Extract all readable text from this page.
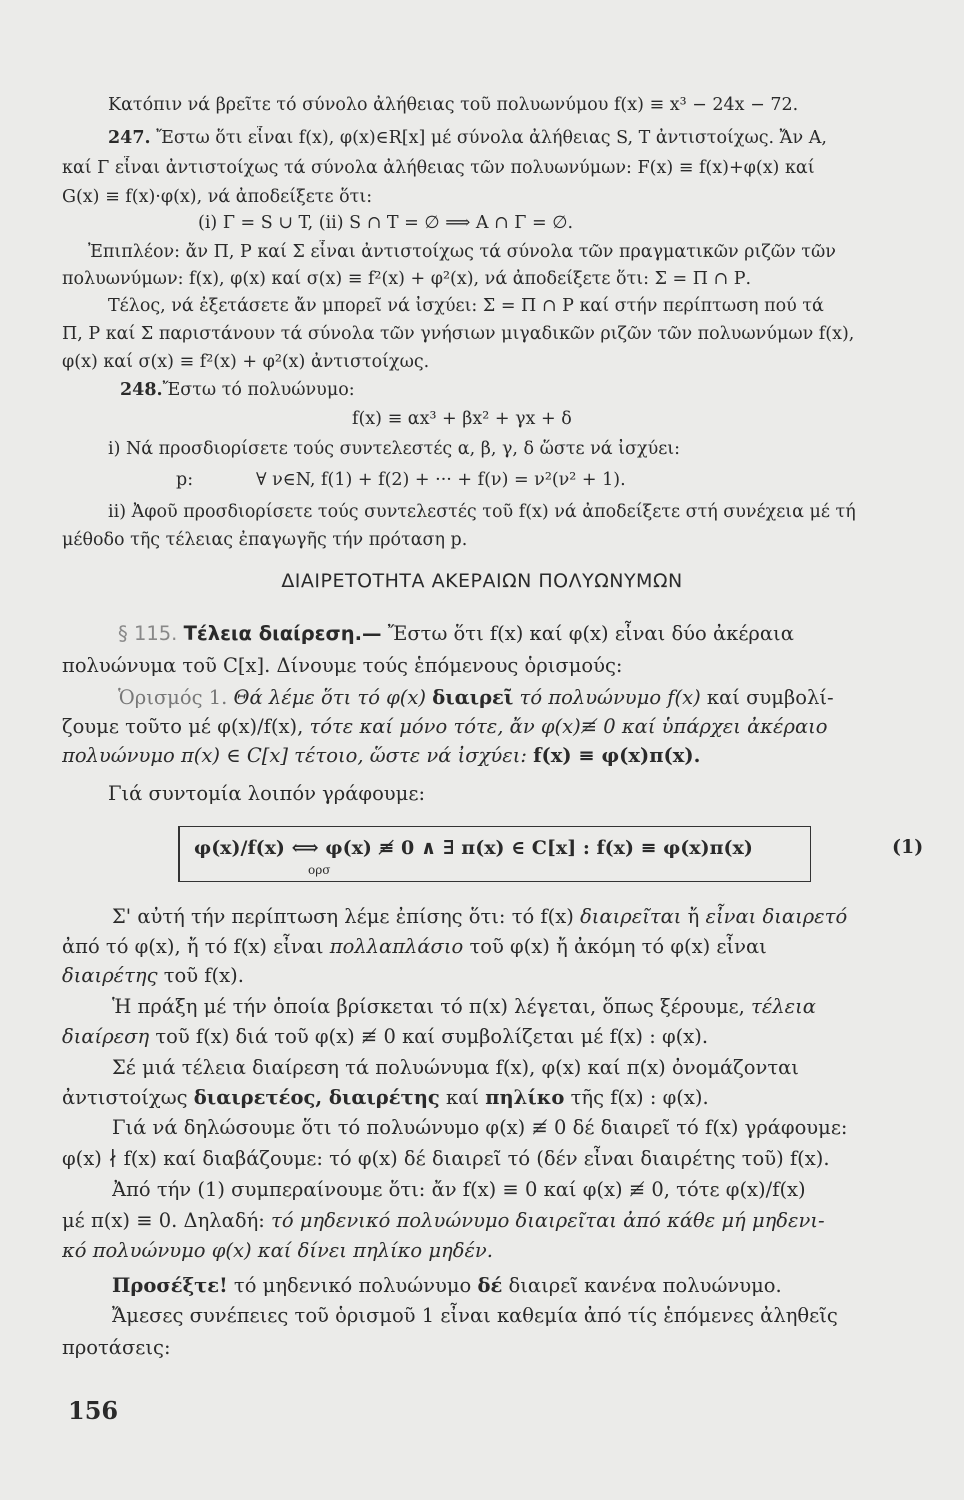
Κατόπιν νά βρεῖτε τό σύνολο ἀλήθειας τοῦ πολυωνύμου f(x) ≡ x³ − 24x − 72.
247. Ἔστω ὅτι εἶναι f(x), φ(x)∈R[x] μέ σύνολα ἀλήθειας S, T ἀντιστοίχως. Ἄν A,
καί Γ εἶναι ἀντιστοίχως τά σύνολα ἀλήθειας τῶν πολυωνύμων: F(x) ≡ f(x)+φ(x) καί
G(x) ≡ f(x)·φ(x), νά ἀποδείξετε ὅτι:
(i) Γ = S ∪ T, (ii) S ∩ T = ∅ ⟹ A ∩ Γ = ∅.
Ἐπιπλέον: ἄν Π, Ρ καί Σ εἶναι ἀντιστοίχως τά σύνολα τῶν πραγματικῶν ριζῶν τῶν
πολυωνύμων: f(x), φ(x) καί σ(x) ≡ f²(x) + φ²(x), νά ἀποδείξετε ὅτι: Σ = Π ∩ Ρ.
Τέλος, νά ἐξετάσετε ἄν μπορεῖ νά ἰσχύει: Σ = Π ∩ Ρ καί στήν περίπτωση πού τά
Π, Ρ καί Σ παριστάνουν τά σύνολα τῶν γνήσιων μιγαδικῶν ριζῶν τῶν πολυωνύμων f(x),
φ(x) καί σ(x) ≡ f²(x) + φ²(x) ἀντιστοίχως.
248.Ἔστω τό πολυώνυμο:
f(x) ≡ αx³ + βx² + γx + δ
i) Νά προσδιορίσετε τούς συντελεστές α, β, γ, δ ὥστε νά ἰσχύει:
p:	∀ ν∈N, f(1) + f(2) + ··· + f(ν) = ν²(ν² + 1).
ii) Ἀφοῦ προσδιορίσετε τούς συντελεστές τοῦ f(x) νά ἀποδείξετε στή συνέχεια μέ τή
μέθοδο τῆς τέλειας ἐπαγωγῆς τήν πρόταση p.
ΔΙΑΙΡΕΤΟΤΗΤΑ ΑΚΕΡΑΙΩΝ ΠΟΛΥΩΝΥΜΩΝ
§ 115. Τέλεια διαίρεση.— Ἔστω ὅτι f(x) καί φ(x) εἶναι δύο ἀκέραια
πολυώνυμα τοῦ C[x]. Δίνουμε τούς ἑπόμενους ὁρισμούς:
Ὁρισμός 1. Θά λέμε ὅτι τό φ(x) διαιρεῖ τό πολυώνυμο f(x) καί συμβολί-
ζουμε τοῦτο μέ φ(x)/f(x), τότε καί μόνο τότε, ἄν φ(x)≢ 0 καί ὑπάρχει ἀκέραιο
πολυώνυμο π(x) ∈ C[x] τέτοιο, ὥστε νά ἰσχύει: f(x) ≡ φ(x)π(x).
Γιά συντομία λοιπόν γράφουμε:
φ(x)/f(x) ⟺ φ(x) ≢ 0 ∧ ∃ π(x) ∈ C[x] : f(x) ≡ φ(x)π(x)
ορσ
(1)
Σ' αὐτή τήν περίπτωση λέμε ἐπίσης ὅτι: τό f(x) διαιρεῖται ἤ εἶναι διαιρετό
ἀπό τό φ(x), ἤ τό f(x) εἶναι πολλαπλάσιο τοῦ φ(x) ἤ ἀκόμη τό φ(x) εἶναι
διαιρέτης τοῦ f(x).
Ἡ πράξη μέ τήν ὁποία βρίσκεται τό π(x) λέγεται, ὅπως ξέρουμε, τέλεια
διαίρεση τοῦ f(x) διά τοῦ φ(x) ≢ 0 καί συμβολίζεται μέ f(x) : φ(x).
Σέ μιά τέλεια διαίρεση τά πολυώνυμα f(x), φ(x) καί π(x) ὀνομάζονται
ἀντιστοίχως διαιρετέος, διαιρέτης καί πηλίκο τῆς f(x) : φ(x).
Γιά νά δηλώσουμε ὅτι τό πολυώνυμο φ(x) ≢ 0 δέ διαιρεῖ τό f(x) γράφουμε:
φ(x) ∤ f(x) καί διαβάζουμε: τό φ(x) δέ διαιρεῖ τό (δέν εἶναι διαιρέτης τοῦ) f(x).
Ἀπό τήν (1) συμπεραίνουμε ὅτι: ἄν f(x) ≡ 0 καί φ(x) ≢ 0, τότε φ(x)/f(x)
μέ π(x) ≡ 0. Δηλαδή: τό μηδενικό πολυώνυμο διαιρεῖται ἀπό κάθε μή μηδενι-
κό πολυώνυμο φ(x) καί δίνει πηλίκο μηδέν.
Προσέξτε! τό μηδενικό πολυώνυμο δέ διαιρεῖ κανένα πολυώνυμο.
Ἄμεσες συνέπειες τοῦ ὁρισμοῦ 1 εἶναι καθεμία ἀπό τίς ἑπόμενες ἀληθεῖς
προτάσεις:
156
